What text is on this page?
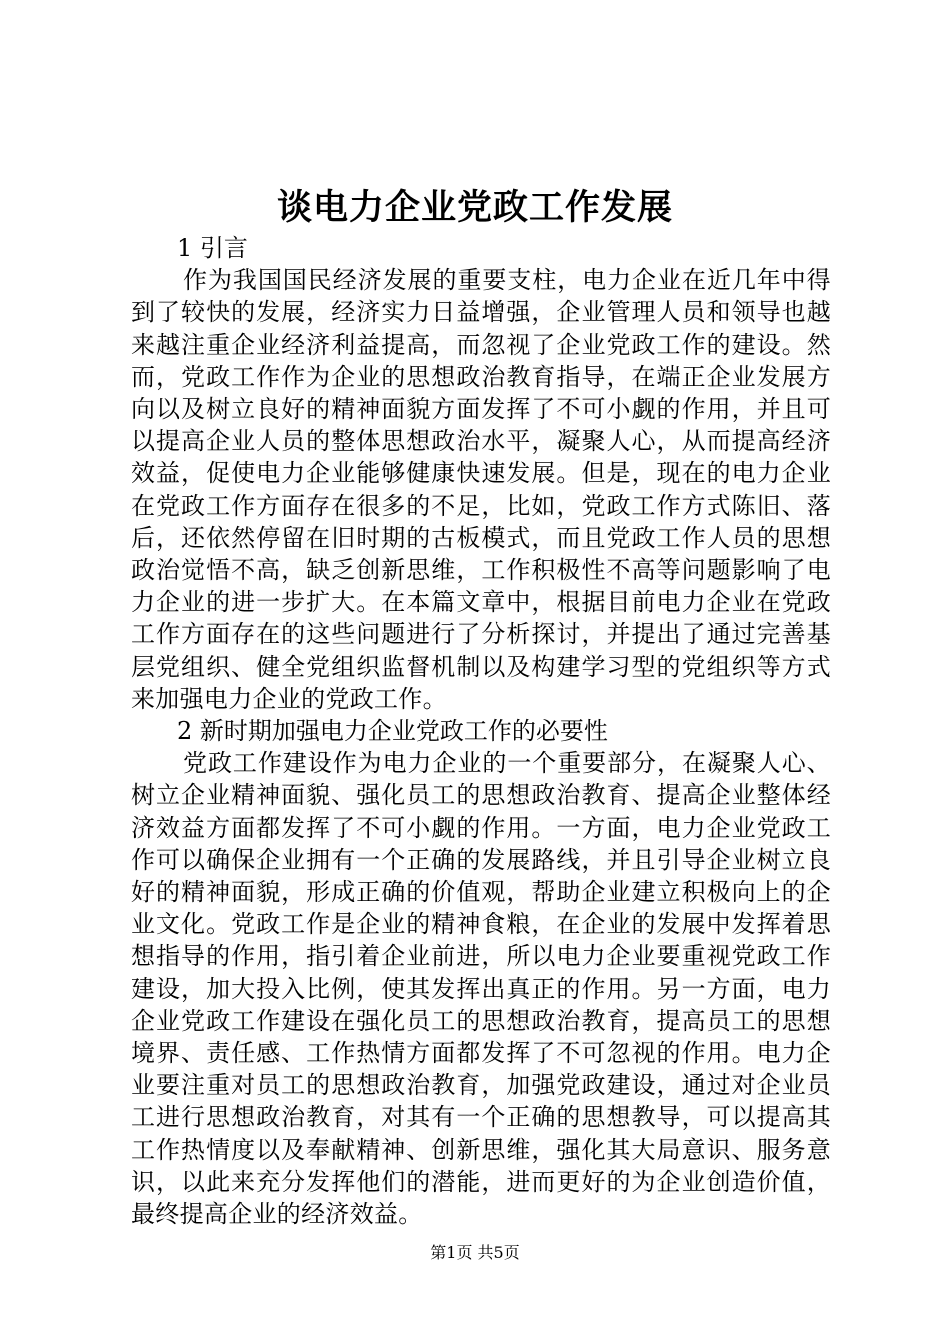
谈电力企业党政工作发展
1 引言

作为我国国民经济发展的重要支柱，电力企业在近几年中得到了较快的发展，经济实力日益增强，企业管理人员和领导也越来越注重企业经济利益提高，而忽视了企业党政工作的建设。然而，党政工作作为企业的思想政治教育指导，在端正企业发展方向以及树立良好的精神面貌方面发挥了不可小觑的作用，并且可以提高企业人员的整体思想政治水平，凝聚人心，从而提高经济效益，促使电力企业能够健康快速发展。但是，现在的电力企业在党政工作方面存在很多的不足，比如，党政工作方式陈旧、落后，还依然停留在旧时期的古板模式，而且党政工作人员的思想政治觉悟不高，缺乏创新思维，工作积极性不高等问题影响了电力企业的进一步扩大。在本篇文章中，根据目前电力企业在党政工作方面存在的这些问题进行了分析探讨，并提出了通过完善基层党组织、健全党组织监督机制以及构建学习型的党组织等方式来加强电力企业的党政工作。

2 新时期加强电力企业党政工作的必要性

党政工作建设作为电力企业的一个重要部分，在凝聚人心、树立企业精神面貌、强化员工的思想政治教育、提高企业整体经济效益方面都发挥了不可小觑的作用。一方面，电力企业党政工作可以确保企业拥有一个正确的发展路线，并且引导企业树立良好的精神面貌，形成正确的价值观，帮助企业建立积极向上的企业文化。党政工作是企业的精神食粮，在企业的发展中发挥着思想指导的作用，指引着企业前进，所以电力企业要重视党政工作建设，加大投入比例，使其发挥出真正的作用。另一方面，电力企业党政工作建设在强化员工的思想政治教育，提高员工的思想境界、责任感、工作热情方面都发挥了不可忽视的作用。电力企业要注重对员工的思想政治教育，加强党政建设，通过对企业员工进行思想政治教育，对其有一个正确的思想教导，可以提高其工作热情度以及奉献精神、创新思维，强化其大局意识、服务意识，以此来充分发挥他们的潜能，进而更好的为企业创造价值，最终提高企业的经济效益。

第1页 共5页
